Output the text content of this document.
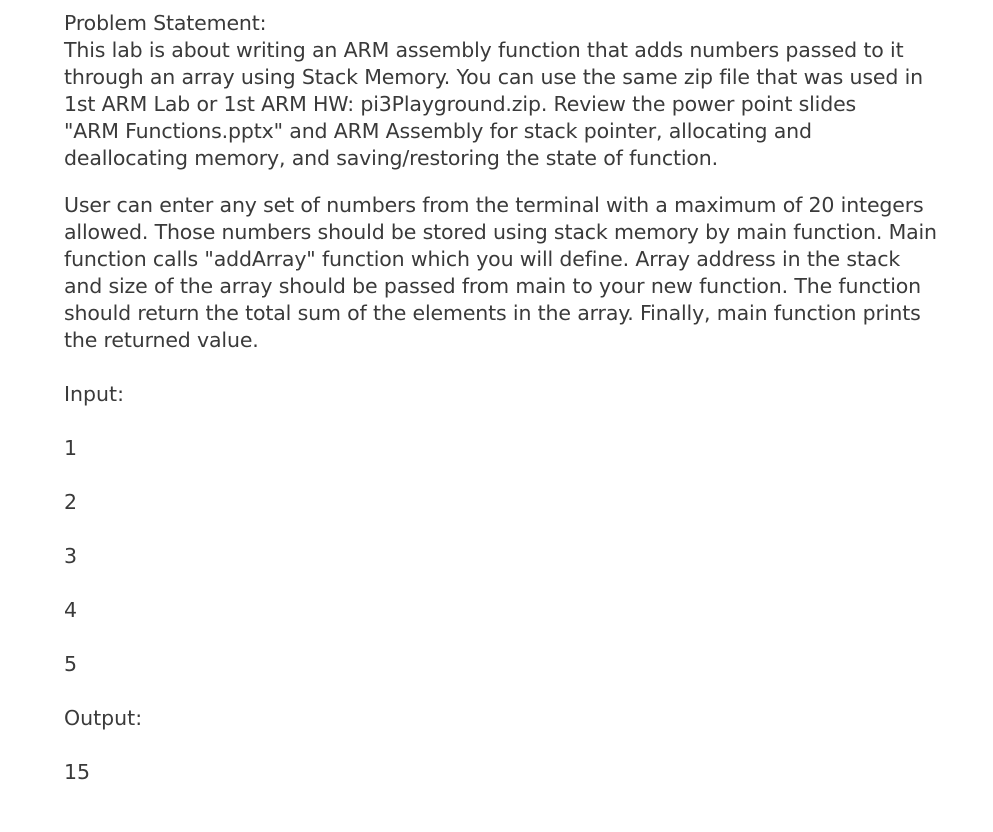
Problem Statement:

This lab is about writing an ARM assembly function that adds numbers passed to it

through an array using Stack Memory. You can use the same zip file that was used in

1st ARM Lab or 1st ARM HW: pi3Playground.zip. Review the power point slides

"ARM Functions.pptx" and ARM Assembly for stack pointer, allocating and

deallocating memory, and saving/restoring the state of function.

User can enter any set of numbers from the terminal with a maximum of 20 integers

allowed. Those numbers should be stored using stack memory by main function. Main

function calls "addArray" function which you will define. Array address in the stack

and size of the array should be passed from main to your new function. The function

should return the total sum of the elements in the array. Finally, main function prints

the returned value.

Input:

1

2

3

4

5

Output:

15
